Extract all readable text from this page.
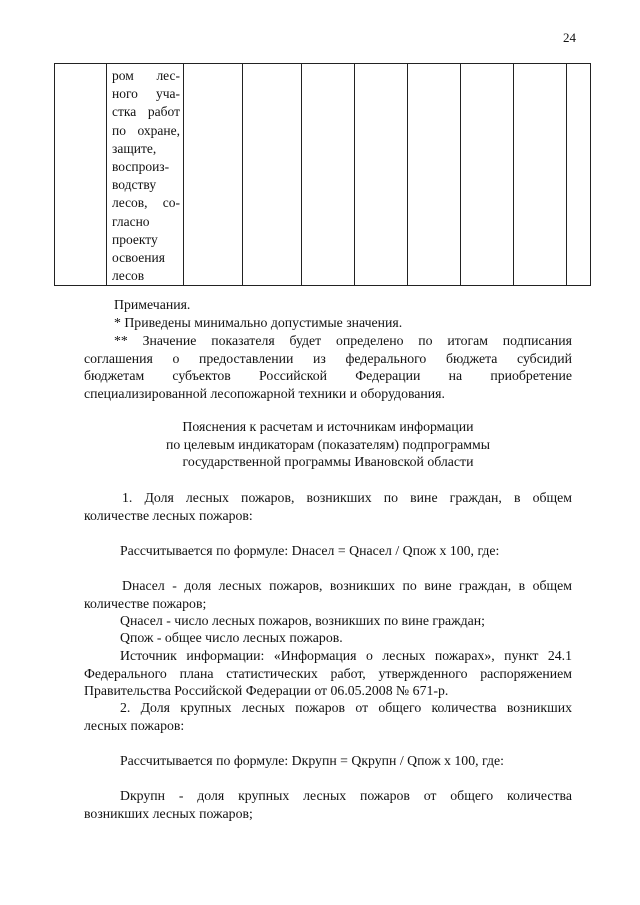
24

ром лес-
ного уча-
стка работ
по охране,
защите,
воспроиз-
водству
лесов, со-
гласно
проекту
освоения
лесов

Примечания.
* Приведены минимально допустимые значения.
** Значение показателя будет определено по итогам подписания
соглашения о предоставлении из федерального бюджета субсидий
бюджетам субъектов Российской Федерации на приобретение
специализированной лесопожарной техники и оборудования.
Пояснения к расчетам и источникам информации
по целевым индикаторам (показателям) подпрограммы
государственной программы Ивановской области
1. Доля лесных пожаров, возникших по вине граждан, в общем
количестве лесных пожаров:
Рассчитывается по формуле: Dнасел = Qнасел / Qпож х 100, где:
Dнасел - доля лесных пожаров, возникших по вине граждан, в общем
количестве пожаров;
Qнасел - число лесных пожаров, возникших по вине граждан;
Qпож - общее число лесных пожаров.
Источник информации: «Информация о лесных пожарах», пункт 24.1
Федерального плана статистических работ, утвержденного распоряжением
Правительства Российской Федерации от 06.05.2008 № 671-р.
2. Доля крупных лесных пожаров от общего количества возникших
лесных пожаров:
Рассчитывается по формуле: Dкрупн = Qкрупн / Qпож х 100, где:
Dкрупн - доля крупных лесных пожаров от общего количества
возникших лесных пожаров;
